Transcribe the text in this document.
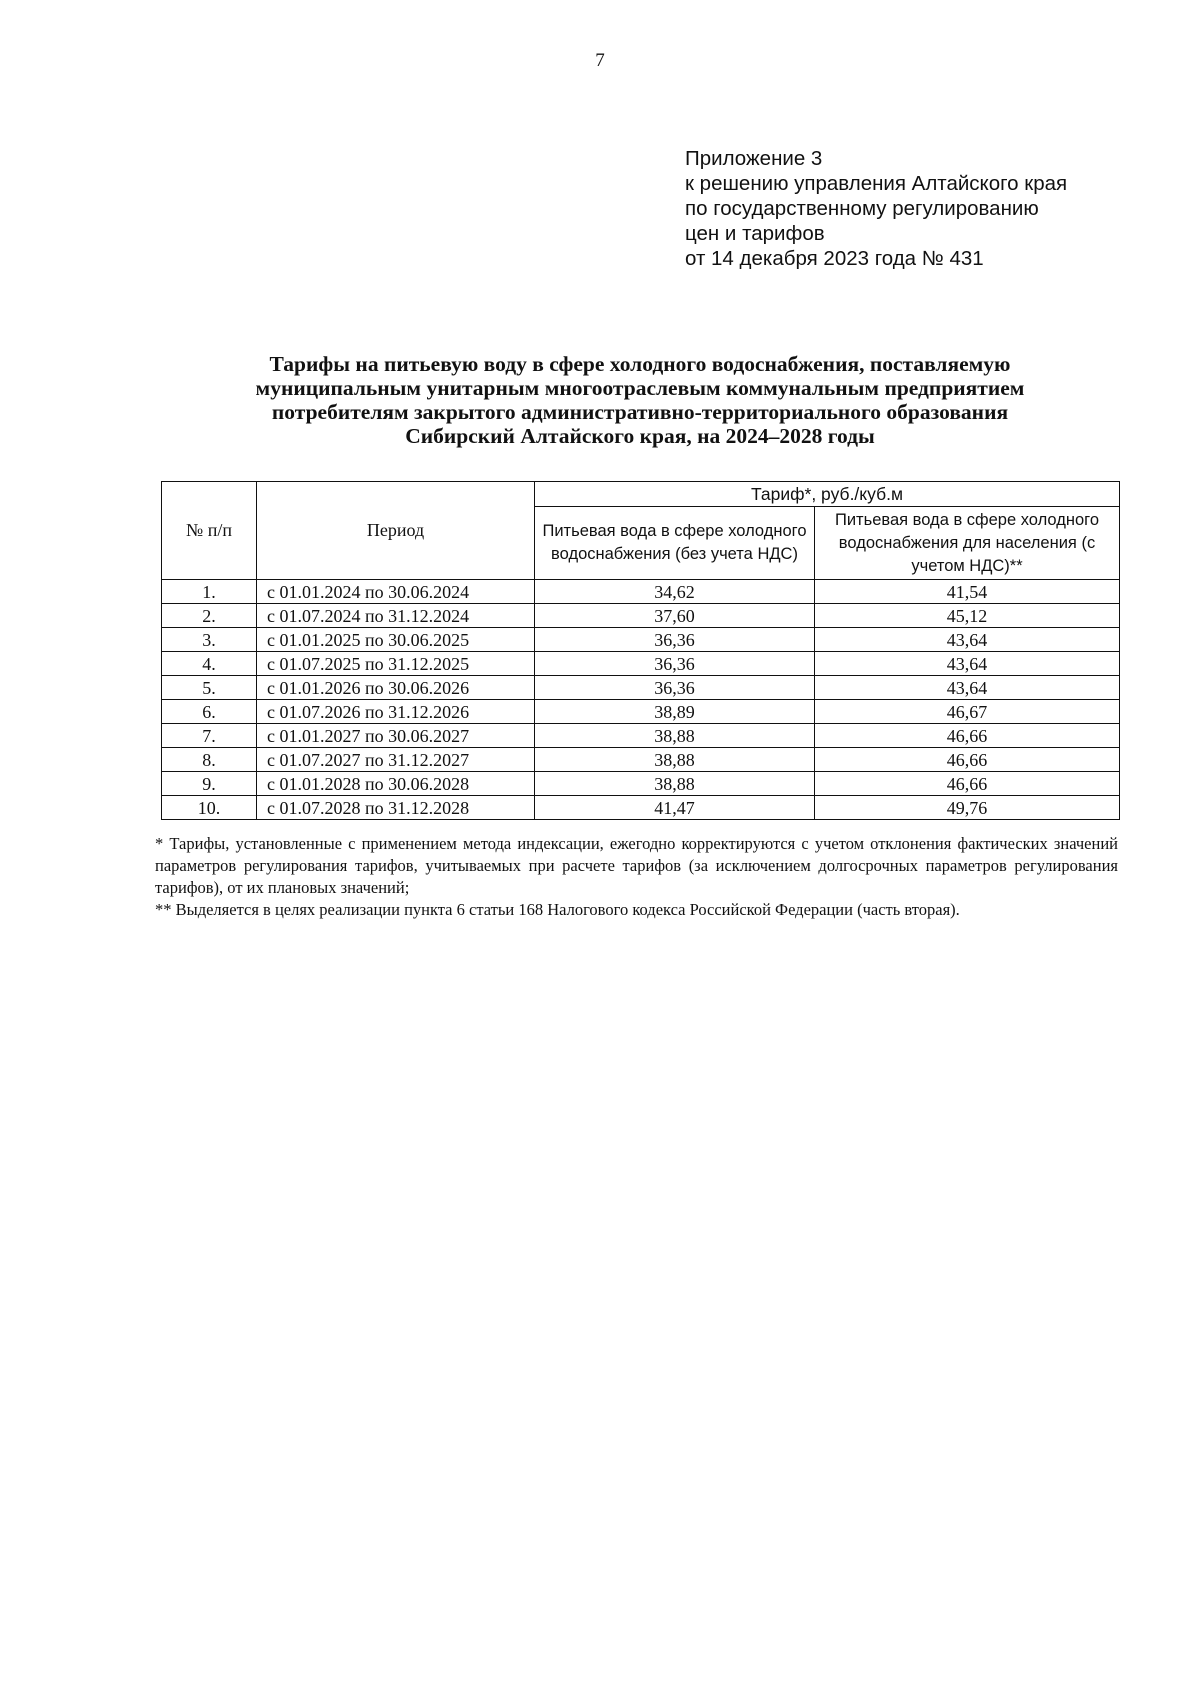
7
Приложение 3
к решению управления Алтайского края
по государственному регулированию
цен и тарифов
от 14 декабря 2023 года № 431
Тарифы на питьевую воду в сфере холодного водоснабжения, поставляемую
муниципальным унитарным многоотраслевым коммунальным предприятием
потребителям закрытого административно-территориального образования
Сибирский Алтайского края, на 2024–2028 годы
№ п/п	Период	Тариф*, руб./куб.м	
		Питьевая вода в сфере холодного водоснабжения (без учета НДС)	Питьевая вода в сфере холодного водоснабжения для населения (с учетом НДС)**
1.	с 01.01.2024 по 30.06.2024	34,62	41,54
2.	с 01.07.2024 по 31.12.2024	37,60	45,12
3.	с 01.01.2025 по 30.06.2025	36,36	43,64
4.	с 01.07.2025 по 31.12.2025	36,36	43,64
5.	с 01.01.2026 по 30.06.2026	36,36	43,64
6.	с 01.07.2026 по 31.12.2026	38,89	46,67
7.	с 01.01.2027 по 30.06.2027	38,88	46,66
8.	с 01.07.2027 по 31.12.2027	38,88	46,66
9.	с 01.01.2028 по 30.06.2028	38,88	46,66
10.	с 01.07.2028 по 31.12.2028	41,47	49,76

* Тарифы, установленные с применением метода индексации, ежегодно корректируются с учетом отклонения фактических значений параметров регулирования тарифов, учитываемых при расчете тарифов (за исключением долгосрочных параметров регулирования тарифов), от их плановых значений;

** Выделяется в целях реализации пункта 6 статьи 168 Налогового кодекса Российской Федерации (часть вторая).
